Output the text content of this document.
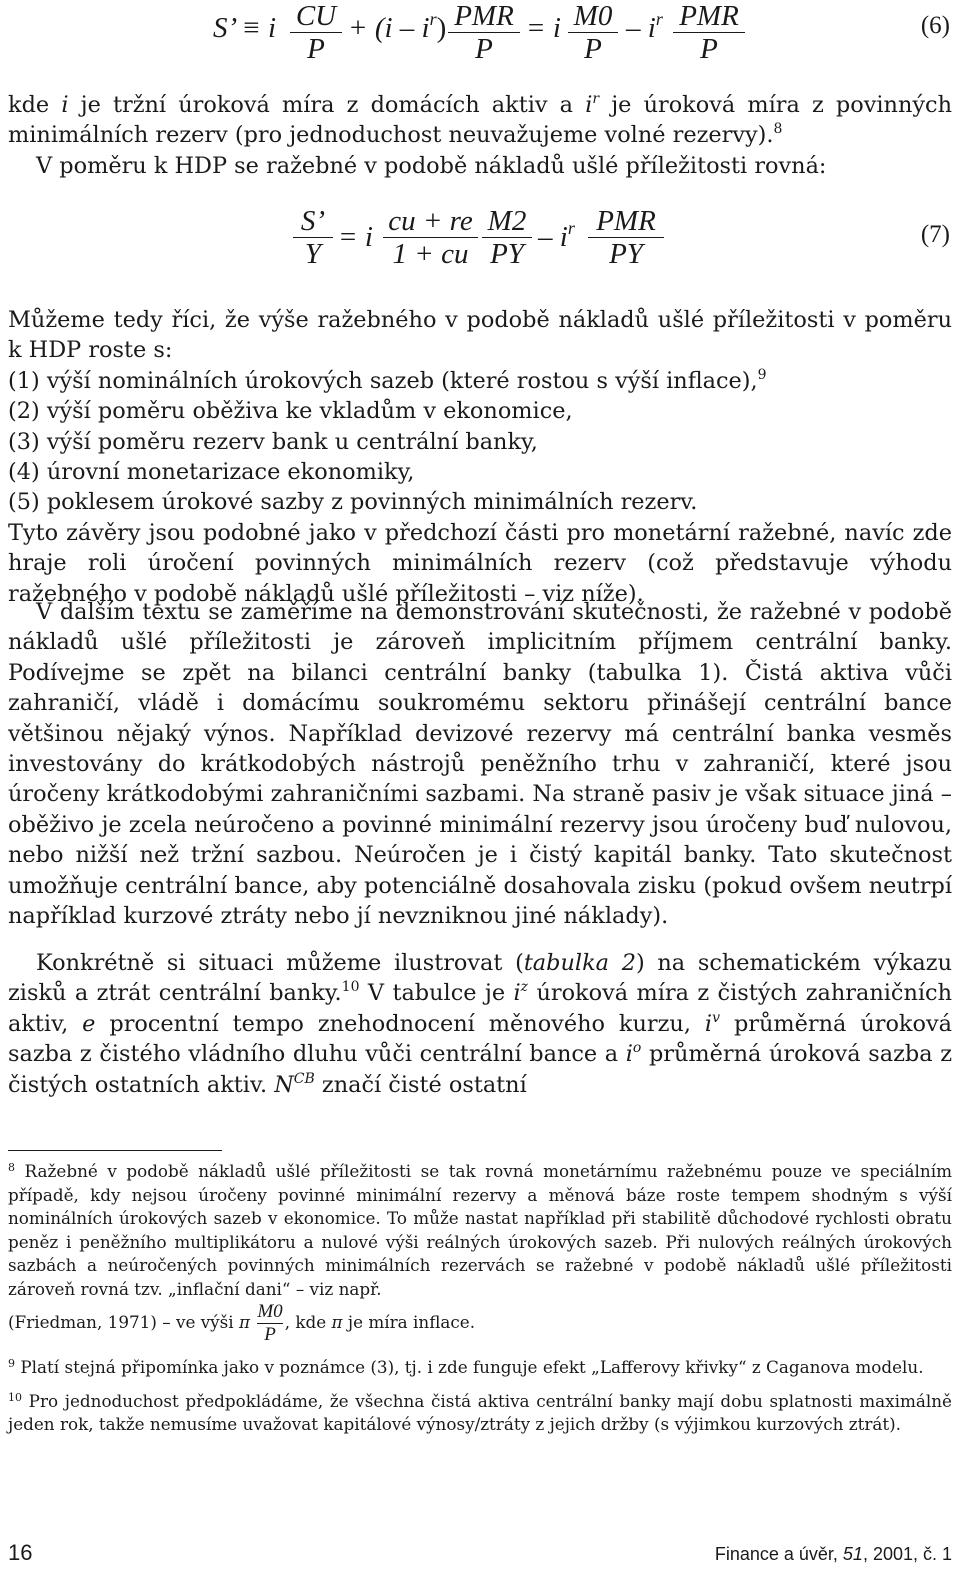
S’ ≡ i $\frac{CU}{P} + (i - i^r)$ PMR
P
= i $\frac{M0}{P} - i^r$ PMR
P
(6)

kde i je tržní úroková míra z domácích aktiv a i$^r$ je úroková míra z povinných minimálních rezerv (pro jednoduchost neuvažujeme volné rezervy).$^8$

V poměru k HDP se ražebné v podobě nákladů ušlé příležitosti rovná:

$\frac{S’}{Y} = i \frac{cu + re}{1 + cu} \frac{M2}{PY} - i^r$ PMR
PY
(7)

Můžeme tedy říci, že výše ražebného v podobě nákladů ušlé příležitosti v poměru k HDP roste s:

(1) výší nominálních úrokových sazeb (které rostou s výší inflace),$^9$
(2) výší poměru oběživa ke vkladům v ekonomice,
(3) výší poměru rezerv bank u centrální banky,
(4) úrovní monetarizace ekonomiky,
(5) poklesem úrokové sazby z povinných minimálních rezerv.

Tyto závěry jsou podobné jako v předchozí části pro monetární ražebné, navíc zde hraje roli úročení povinných minimálních rezerv (což představuje výhodu ražebného v podobě nákladů ušlé příležitosti – viz níže).

V dalším textu se zaměříme na demonstrování skutečnosti, že ražebné v podobě nákladů ušlé příležitosti je zároveň implicitním příjmem centrální banky. Podívejme se zpět na bilanci centrální banky (tabulka 1). Čistá aktiva vůči zahraničí, vládě i domácímu soukromému sektoru přinášejí centrální bance většinou nějaký výnos. Například devizové rezervy má centrální banka vesměs investovány do krátkodobých nástrojů peněžního trhu v zahraničí, které jsou úročeny krátkodobými zahraničními sazbami. Na straně pasiv je však situace jiná – oběživo je zcela neúročeno a povinné minimální rezervy jsou úročeny buď nulovou, nebo nižší než tržní sazbou. Neúročen je i čistý kapitál banky. Tato skutečnost umožňuje centrální bance, aby potenciálně dosahovala zisku (pokud ovšem neutrpí například kurzové ztráty nebo jí nevzniknou jiné náklady).

Konkrétně si situaci můžeme ilustrovat (tabulka 2) na schematickém výkazu zisků a ztrát centrální banky.$^{10}$ V tabulce je i$^z$ úroková míra z čistých zahraničních aktiv, e procentní tempo znehodnocení měnového kurzu, i$^v$ průměrná úroková sazba z čistého vládního dluhu vůči centrální bance a i$^o$ průměrná úroková sazba z čistých ostatních aktiv. N$^{CB}$ značí čisté ostatní

$^8$ Ražebné v podobě nákladů ušlé příležitosti se tak rovná monetárnímu ražebnému pouze ve speciálním případě, kdy nejsou úročeny povinné minimální rezervy a měnová báze roste tempem shodným s výší nominálních úrokových sazeb v ekonomice. To může nastat například při stabilitě důchodové rychlosti obratu peněz i peněžního multiplikátoru a nulové výši reálných úrokových sazeb. Při nulových reálných úrokových sazbách a neúročených povinných minimálních rezervách se ražebné v podobě nákladů ušlé příležitosti zároveň rovná tzv. „inflační dani“ – viz např.
(Friedman, 1971) – ve výši π $\frac{M0}{P}$ , kde π je míra inflace.

$^9$ Platí stejná připomínka jako v poznámce (3), tj. i zde funguje efekt „Lafferovy křivky“ z Caganova modelu.

$^{10}$ Pro jednoduchost předpokládáme, že všechna čistá aktiva centrální banky mají dobu splatnosti maximálně jeden rok, takže nemusíme uvažovat kapitálové výnosy/ztráty z jejich držby (s výjimkou kurzových ztrát).

16	Finance a úvěr, 51, 2001, č. 1
